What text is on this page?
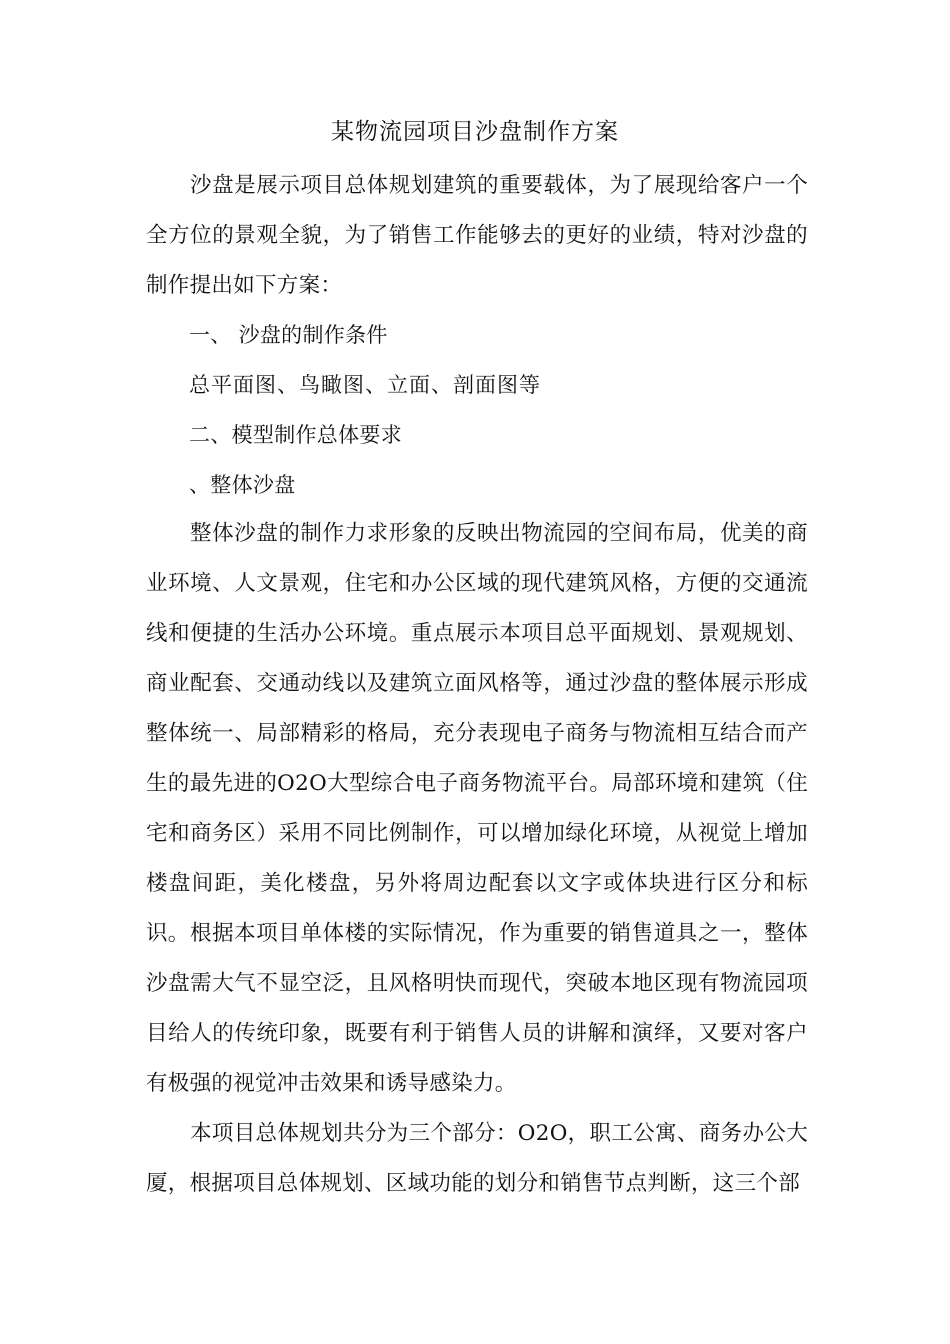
某物流园项目沙盘制作方案

沙盘是展示项目总体规划建筑的重要载体，为了展现给客户一个全方位的景观全貌，为了销售工作能够去的更好的业绩，特对沙盘的制作提出如下方案：

一、 沙盘的制作条件
总平面图、鸟瞰图、立面、剖面图等
二、模型制作总体要求
、整体沙盘

整体沙盘的制作力求形象的反映出物流园的空间布局，优美的商业环境、人文景观，住宅和办公区域的现代建筑风格，方便的交通流线和便捷的生活办公环境。重点展示本项目总平面规划、景观规划、商业配套、交通动线以及建筑立面风格等，通过沙盘的整体展示形成整体统一、局部精彩的格局，充分表现电子商务与物流相互结合而产生的最先进的O2O大型综合电子商务物流平台。局部环境和建筑（住宅和商务区）采用不同比例制作，可以增加绿化环境，从视觉上增加楼盘间距，美化楼盘，另外将周边配套以文字或体块进行区分和标识。 根据本项目单体楼的实际情况，作为重要的销售道具之一，整体沙盘需大气不显空泛，且风格明快而现代，突破本地区现有物流园项目给人的传统印象，既要有利于销售人员的讲解和演绎，又要对客户有极强的视觉冲击效果和诱导感染力。

本项目总体规划共分为三个部分：O2O，职工公寓、商务办公大厦，根据项目总体规划、区域功能的划分和销售节点判断，这三个部
